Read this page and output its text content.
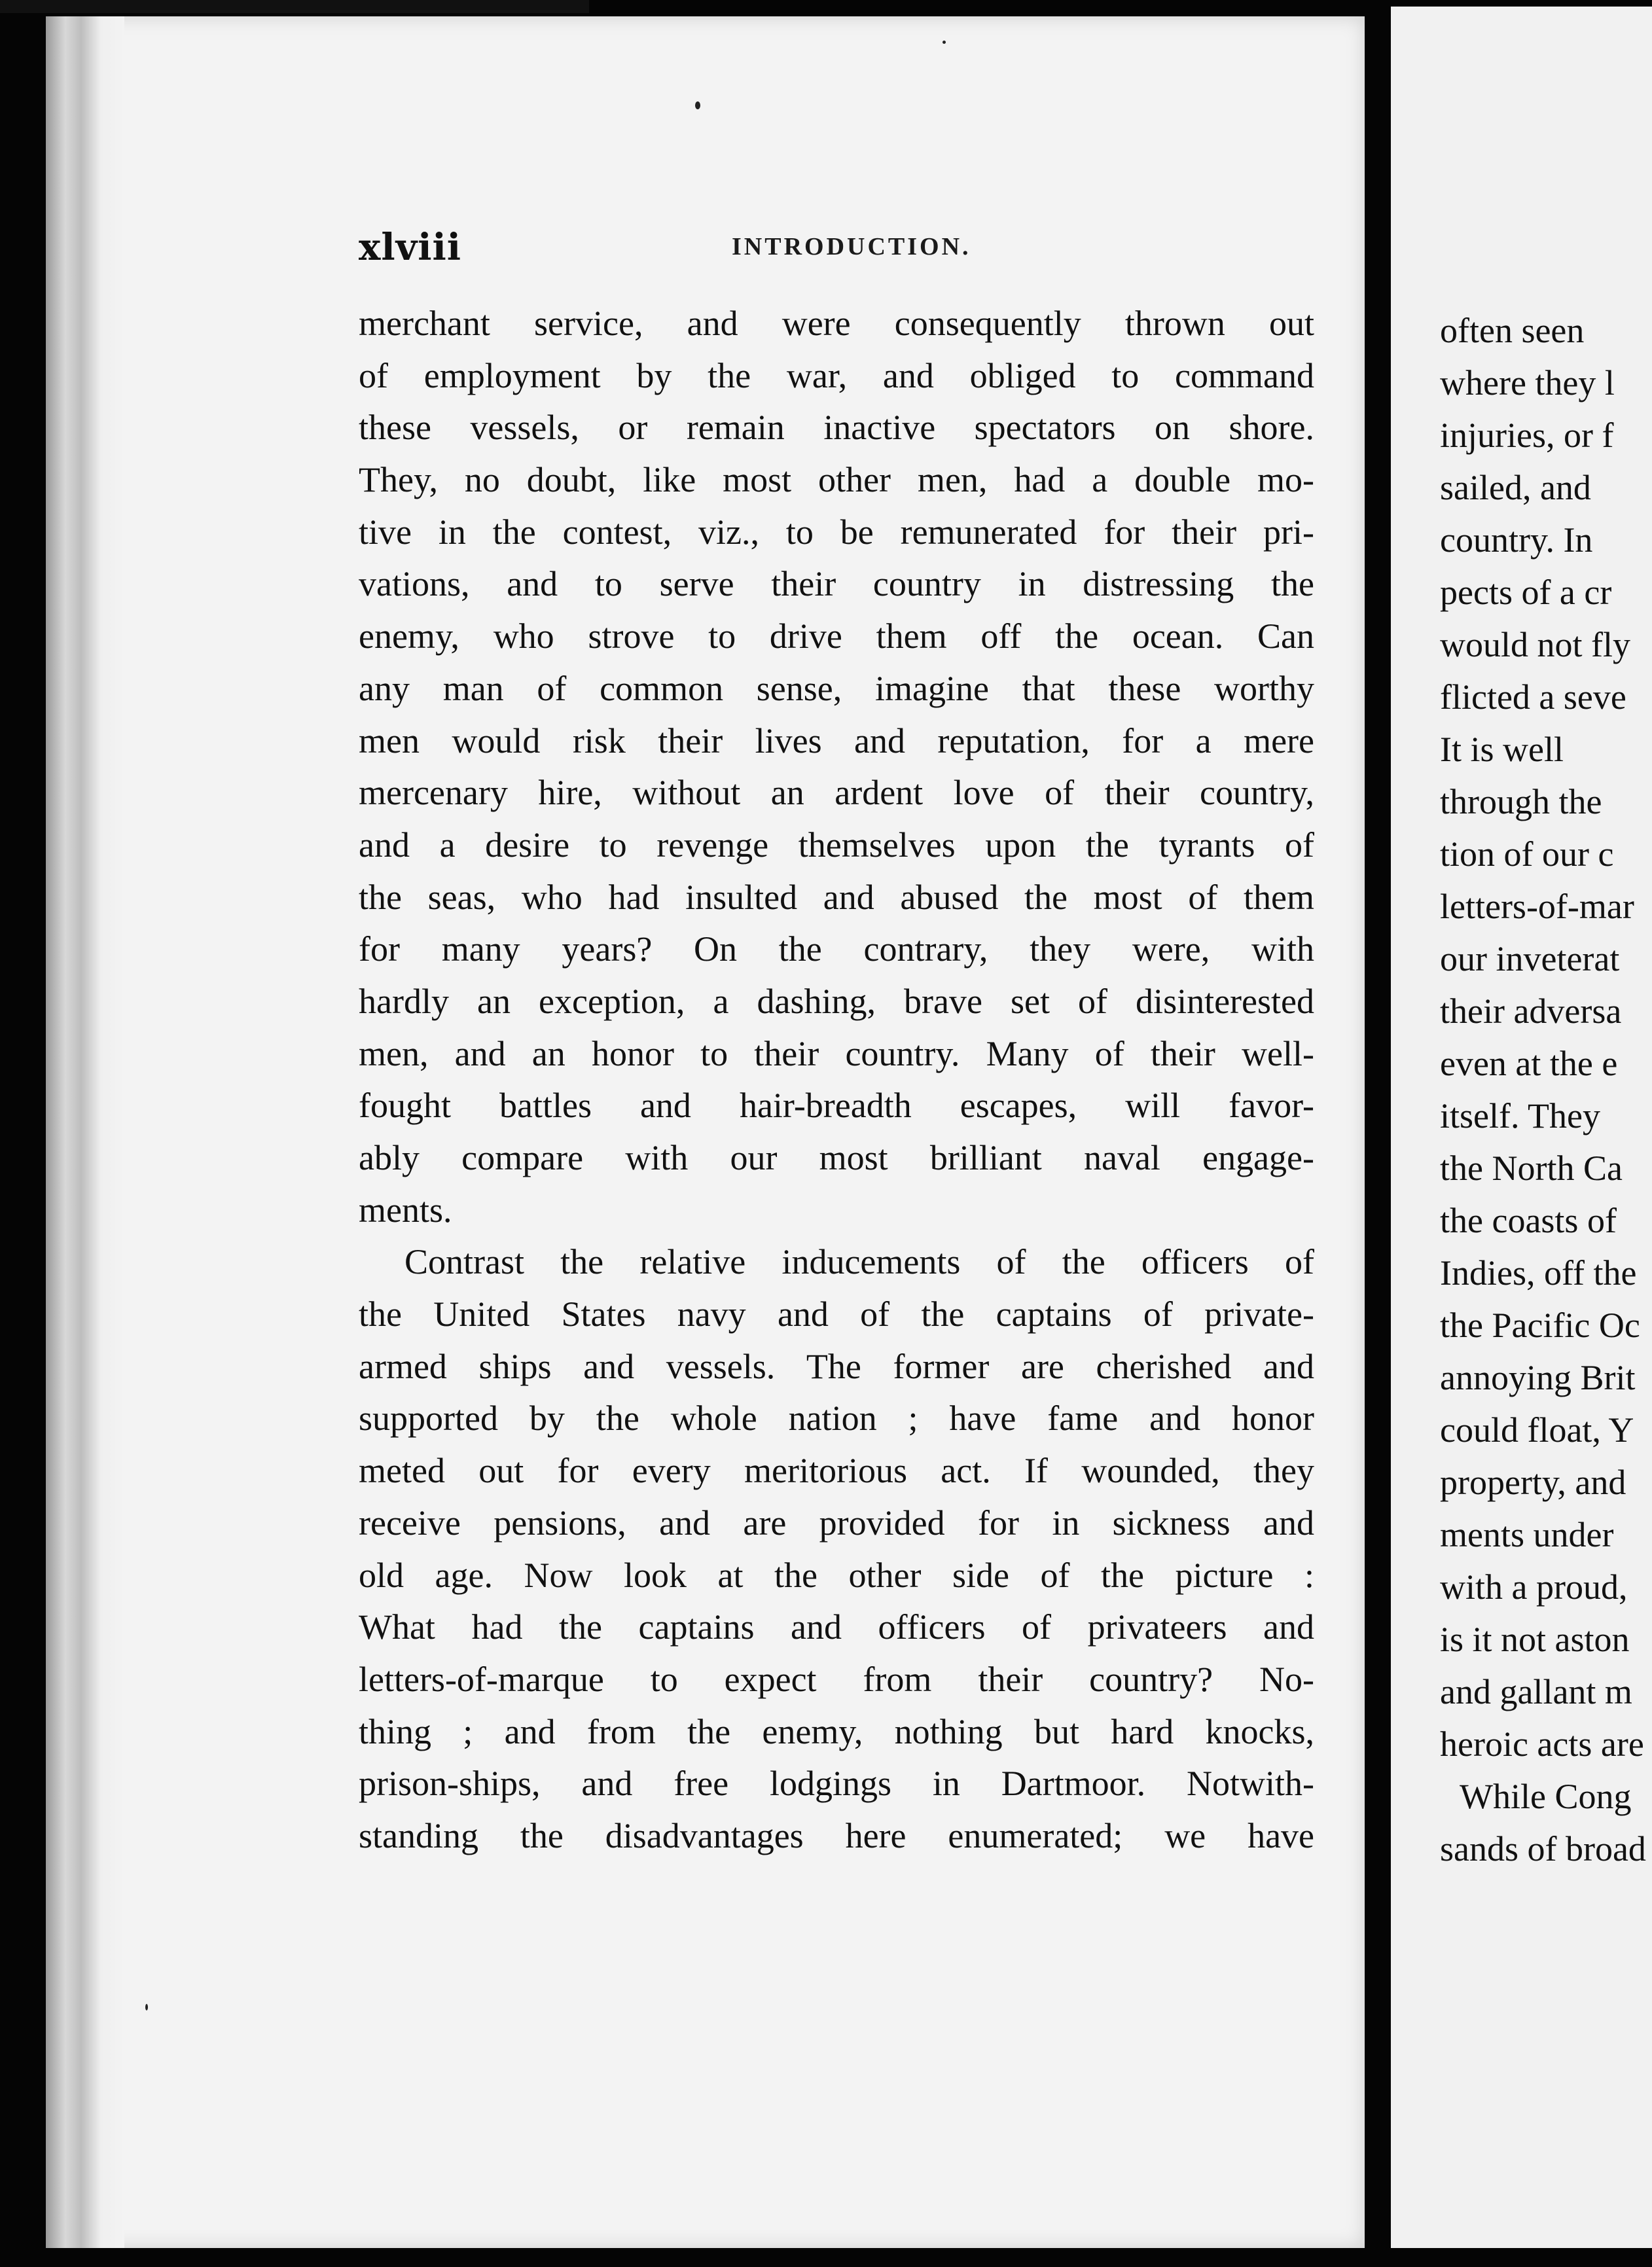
xlviii	INTRODUCTION.
merchant service, and were consequently thrown out
of employment by the war, and obliged to command
these vessels, or remain inactive spectators on shore.
They, no doubt, like most other men, had a double mo-
tive in the contest, viz., to be remunerated for their pri-
vations, and to serve their country in distressing the
enemy, who strove to drive them off the ocean. Can
any man of common sense, imagine that these worthy
men would risk their lives and reputation, for a mere
mercenary hire, without an ardent love of their country,
and a desire to revenge themselves upon the tyrants of
the seas, who had insulted and abused the most of them
for many years? On the contrary, they were, with
hardly an exception, a dashing, brave set of disinterested
men, and an honor to their country. Many of their well-
fought battles and hair-breadth escapes, will favor-
ably compare with our most brilliant naval engage-
ments.
Contrast the relative inducements of the officers of
the United States navy and of the captains of private-
armed ships and vessels. The former are cherished and
supported by the whole nation ; have fame and honor
meted out for every meritorious act. If wounded, they
receive pensions, and are provided for in sickness and
old age. Now look at the other side of the picture :
What had the captains and officers of privateers and
letters-of-marque to expect from their country? No-
thing ; and from the enemy, nothing but hard knocks,
prison-ships, and free lodgings in Dartmoor. Notwith-
standing the disadvantages here enumerated; we have
often seen
where they l
injuries, or f
sailed, and
country. In
pects of a cr
would not fly
flicted a seve
It is well
through the
tion of our c
letters-of-mar
our inveterat
their adversa
even at the e
itself. They
the North Ca
the coasts of
Indies, off the
the Pacific Oc
annoying Brit
could float, Y
property, and
ments under
with a proud,
is it not aston
and gallant m
heroic acts are
While Cong
sands of broad
